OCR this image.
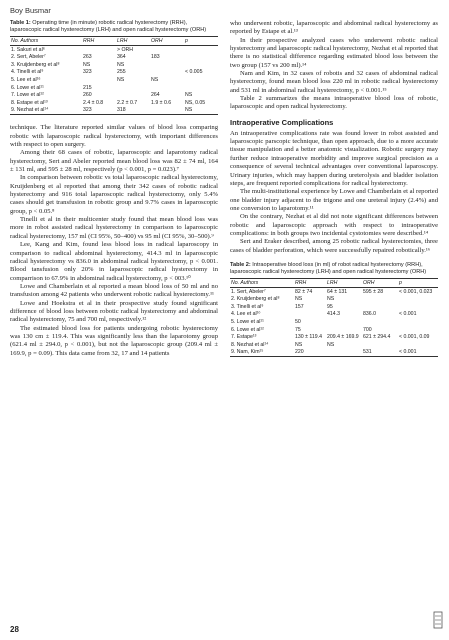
Boy Busmar
Table 1: Operating time (in minute) robotic radical hysterectomy (RRH), laparoscopic radical hysterectomy (LRH) and open radical hysterectomy (ORH)
No. Authors	RRH	LRH	ORH	p
1. Sakuri et al⁶		> ORH		
2. Sert, Abeler⁷	263	364	183	
3. Kruijdenberg et al⁸	NS	NS		
4. Tinelli et al⁹	323	255		< 0.005
5. Lee et al¹⁶		NS	NS	
6. Lowe et al¹¹	215			
7. Lowe et al¹²	260		264	NS
8. Estape et al¹³	2.4 ± 0.8	2.2 ± 0.7	1.9 ± 0.6	NS, 0.05
9. Nezhat et al¹⁴	323	318		NS

technique. The literature reported similar values of blood loss comparing robotic with laparoscopic radical hysterectomy, with important differences with respect to open surgery.

Among their 68 cases of robotic, laparoscopic and laparotomy radical hysterectomy, Sert and Abeler reported mean blood loss was 82 ± 74 ml, 164 ± 131 ml, and 595 ± 28 ml, respectively (p < 0.001, p = 0.023).⁷

In comparison between robotic vs total laparoscopic radical hysterectomy, Kruijdenberg et al reported that among their 342 cases of robotic radical hysterectomy and 916 total laparoscopic radical hysterectomy, only 5.4% cases should get transfusion in robotic group and 9.7% cases in laparoscopic group, p < 0.05.⁸

Tinelli et al in their multicenter study found that mean blood loss was more in robot assisted radical hysterectomy in comparison to laparoscopic radical hysterectomy, 157 ml (CI 95%, 50–400) vs 95 ml (CI 95%, 30–500).⁹

Lee, Kang and Kim, found less blood loss in radical laparoscopy in comparison to radical abdominal hysterectomy, 414.3 ml in laparoscopic radical hysterectomy vs 836.0 in abdominal radical hysterectomy, p < 0.001. Blood tansfusion only 20% in laparoscopic radical hysterectomy in comparrison to 67.9% in abdominal radical hysterectomy, p < 003.¹⁰

Lowe and Chamberlain et al reported a mean blood loss of 50 ml and no transfusion among 42 patients who underwent robotic radical hysterectomy.¹¹

Lowe and Hoekstra et al in their prospective study found significant difference of blood loss between robotic radical hysterectomy and abdominal radical hysterectomy, 75 and 700 ml, respectively.¹²

The estimated blood loss for patients undergoing robotic hysterectomy was 130 cm ± 119.4. This was significantly less than the laparotomy group (621.4 ml ± 294.0, p < 0.001), but not the laparoscopic group (209.4 ml ± 169.9, p = 0.09). This data came from 32, 17 and 14 patients

who underwent robotic, laparoscopic and abdominal radical hysterectomy as reported by Estape et al.¹³

In their prospective analyzed cases who underwent robotic radical hysterectomy and laparoscopic radical hysterectomy, Nezhat et al reported that there is no statistical difference regarding estimated blood loss between the two group (157 vs 200 ml).¹⁴

Nam and Kim, in 32 cases of robotis and 32 cases of abdominal radical hysterectomy, found mean blood loss 220 ml in robotic radical hysterectomy and 531 ml in abdominal radical hysterectomy, p < 0.001.¹⁵

Table 2 summarizes the means intraoperative blood loss of robotic, laparoscopic and open radical hysterectomy.

Intraoperative Complications

An intraoperative complications rate was found lower in robot assisted and laparoscopic parscopic technique, than open approach, due to a more accurate tissue manipulation and a better anatomic visualization. Robotic surgery may further reduce intraoperative morbidity and improve surgical precision as a consequence of several technical advantages over conventional laparoscopy. Urinary injuries, which may happen during ureterolysis and bladder isolation steps, are frequent reported complications for radical hysterectomy.

The multi-institutional experience by Lowe and Chamberlain et al reported one bladder injury adjacent to the trigone and one ureteral injury (2.4%) and one conversion to laparotomy.¹¹

On the contrary, Nezhat et al did not note significant differences between robotic and laparoscopic approach with respect to intraoperative complications: in both groups two incidental cystotomies were described.¹⁴

Sert and Eraker described, among 25 robotic radical hysterectomies, three cases of bladder perforation, which were successfully repaired robotically.¹⁶

Table 2: Intraoperative blood loss (in ml) of robot radical hysterectomy (RRH), laparoscopic radical hysterectomy (LRH) and open radical hysterectomy (ORH)
No. Authors	RRH	LRH	ORH	p
1. Sert, Abeler⁷	82 ± 74	64 ± 131	595 ± 28	< 0.001, 0.023
2. Kruijdenberg et al⁸	NS	NS		
3. Tinelli et al⁹	157	95		
4. Lee et al¹⁰		414.3	836.0	< 0.001
5. Lowe et al¹¹	50			
6. Lowe et al¹²	75		700	
7. Estape¹³	130 ± 119.4	209.4 ± 169.9	621 ± 294.4	< 0.001, 0.09
8. Nezhat et al¹⁴	NS	NS		
9. Nam, Kim¹⁵	220		531	< 0.001
28
